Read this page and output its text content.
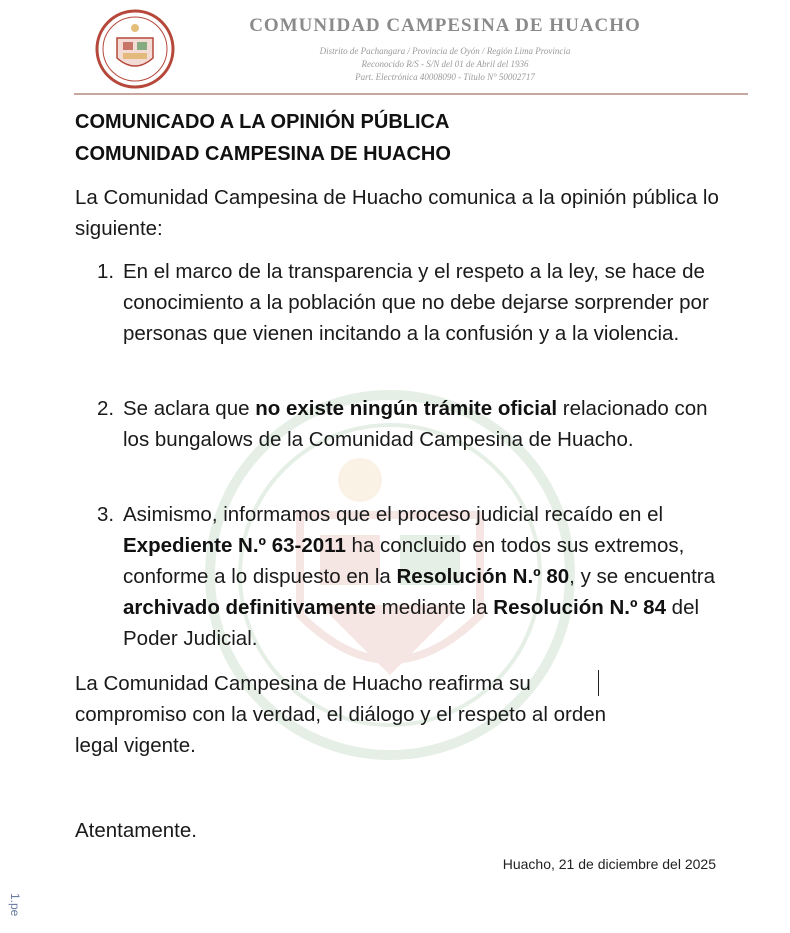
COMUNIDAD CAMPESINA DE HUACHO
Distrito de Pachangara / Provincia de Oyón / Región Lima Provincia
Reconocido R/S - S/N del 01 de Abril del 1936
Part. Electrónica 40008090 - Título N° 50002717
COMUNICADO A LA OPINIÓN PÚBLICA
COMUNIDAD CAMPESINA DE HUACHO
La Comunidad Campesina de Huacho comunica a la opinión pública lo siguiente:
1. En el marco de la transparencia y el respeto a la ley, se hace de conocimiento a la población que no debe dejarse sorprender por personas que vienen incitando a la confusión y a la violencia.
2. Se aclara que no existe ningún trámite oficial relacionado con los bungalows de la Comunidad Campesina de Huacho.
3. Asimismo, informamos que el proceso judicial recaído en el Expediente N.º 63-2011 ha concluido en todos sus extremos, conforme a lo dispuesto en la Resolución N.º 80, y se encuentra archivado definitivamente mediante la Resolución N.º 84 del Poder Judicial.
La Comunidad Campesina de Huacho reafirma su compromiso con la verdad, el diálogo y el respeto al orden legal vigente.
Atentamente.
Huacho, 21 de diciembre del 2025
1.pe
